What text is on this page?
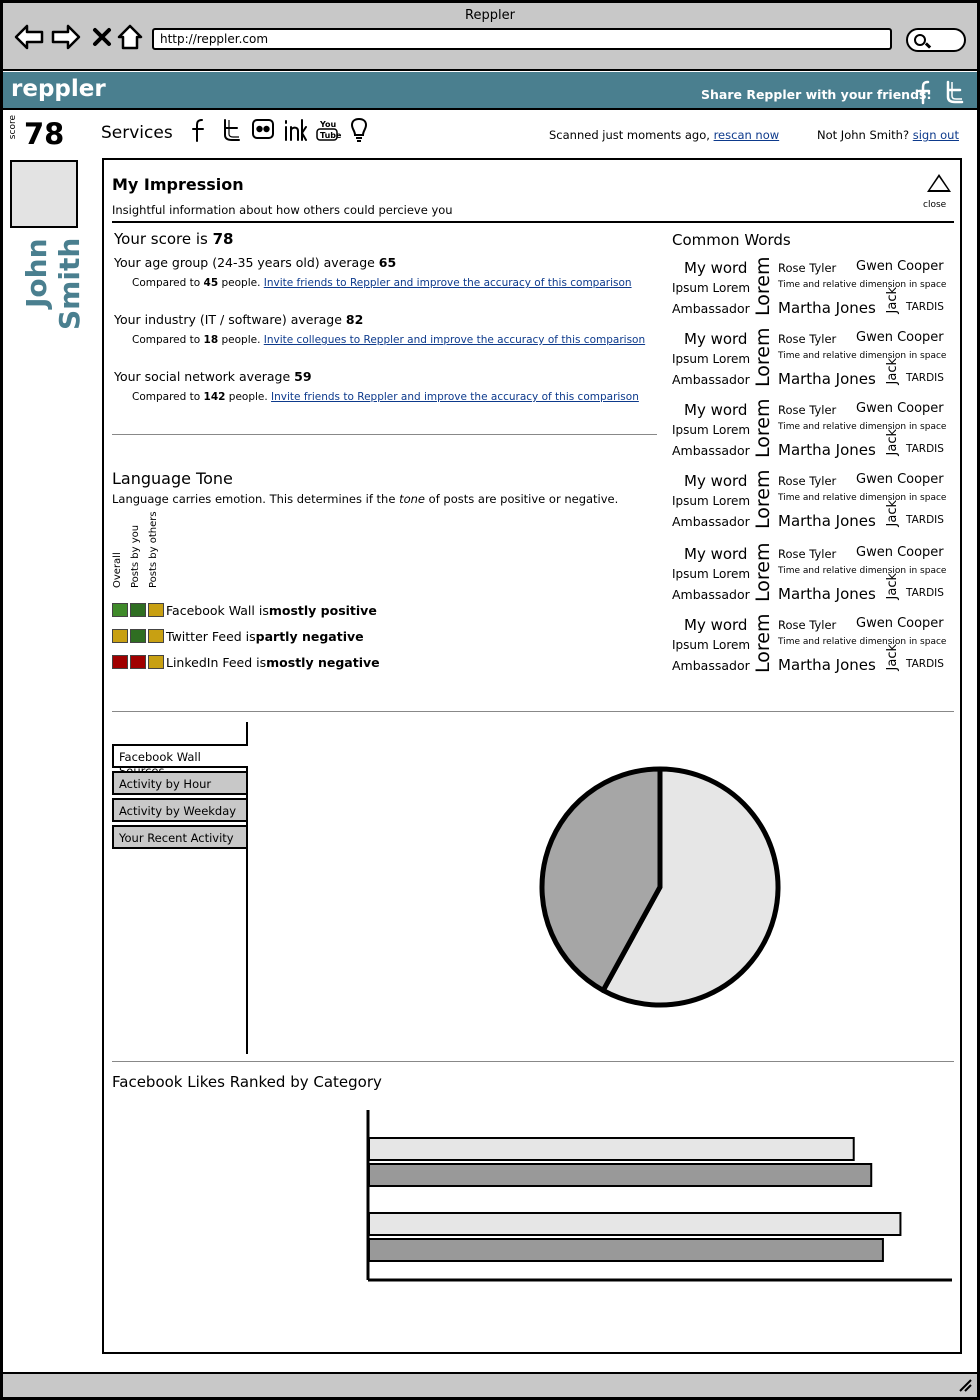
Reppler
http://reppler.com
reppler	Share Reppler with your friends:
score 78
John Smith
Services	You
Tube	Scanned just moments ago, rescan now	Not John Smith? sign out
My Impression
Insightful information about how others could percieve you	close
Your score is 78
Your age group (24-35 years old) average 65
Compared to 45 people. Invite friends to Reppler and improve the accuracy of this comparison
Your industry (IT / software) average 82
Compared to 18 people. Invite collegues to Reppler and improve the accuracy of this comparison
Your social network average 59
Compared to 142 people. Invite friends to Reppler and improve the accuracy of this comparison
Language Tone
Language carries emotion. This determines if the tone of posts are positive or negative.
Overall Posts by you Posts by others
Facebook Wall is mostly positive
Twitter Feed is partly negative
LinkedIn Feed is mostly negative
Common Words
My word
Ipsum Lorem
Ambassador Lorem Rose Tyler Gwen Cooper
Time and relative dimension in space
Martha Jones Jack TARDIS
My word
Ipsum Lorem
Ambassador Lorem Rose Tyler Gwen Cooper
Time and relative dimension in space
Martha Jones Jack TARDIS
My word
Ipsum Lorem
Ambassador Lorem Rose Tyler Gwen Cooper
Time and relative dimension in space
Martha Jones Jack TARDIS
My word
Ipsum Lorem
Ambassador Lorem Rose Tyler Gwen Cooper
Time and relative dimension in space
Martha Jones Jack TARDIS
My word
Ipsum Lorem
Ambassador Lorem Rose Tyler Gwen Cooper
Time and relative dimension in space
Martha Jones Jack TARDIS
My word
Ipsum Lorem
Ambassador Lorem Rose Tyler Gwen Cooper
Time and relative dimension in space
Martha Jones Jack TARDIS
Facebook Wall
Activity by Hour
Activity by Weekday
Your Recent Activity
Facebook Likes Ranked by Category
